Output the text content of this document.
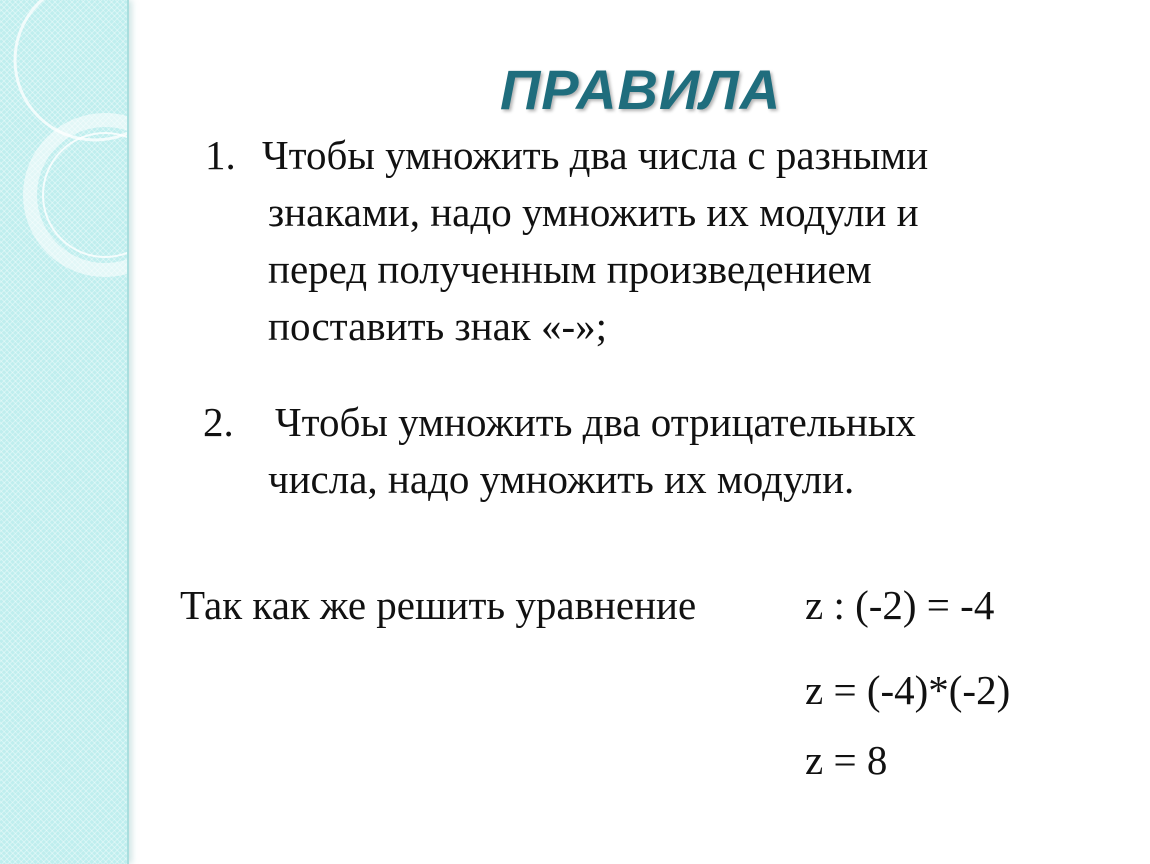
ПРАВИЛА
1. Чтобы умножить два числа с разными
знаками, надо умножить их модули и
перед полученным произведением
поставить знак «-»;
2. Чтобы умножить два отрицательных
числа, надо умножить их модули.
Так как же решить уравнение	z : (-2) = -4
z = (-4)*(-2)
z = 8
